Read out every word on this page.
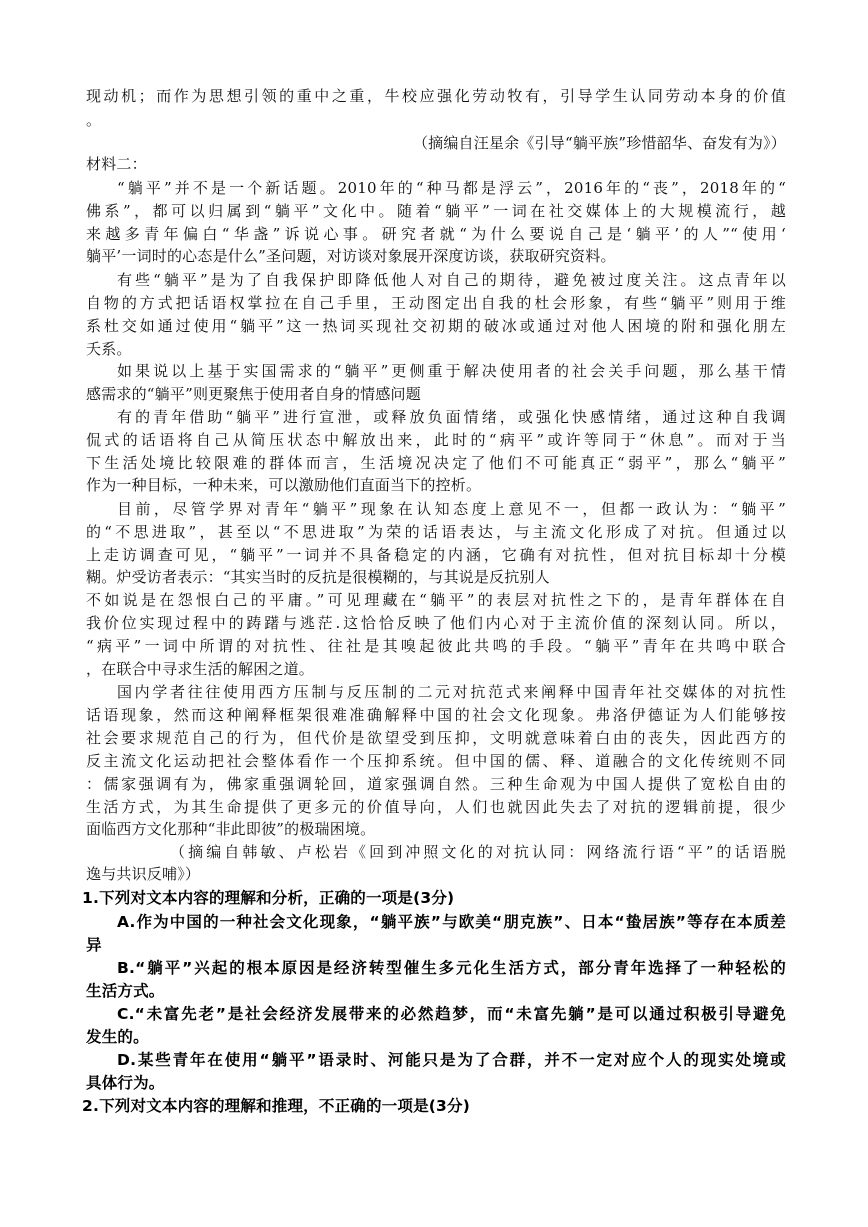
现动机；而作为思想引领的重中之重，牛校应强化劳动牧有，引导学生认同劳动本身的价值
。
（摘编自汪星余《引导“躺平族”珍惜韶华、奋发有为》）
材料二：
“躺平”并不是一个新话题。2010年的“种马都是浮云”，2016年的“丧”，2018年的“
佛系”，都可以归属到“躺平”文化中。随着“躺平”一词在社交媒体上的大规模流行，越
来越多青年偏白“华盏”诉说心事。研究者就“为什么要说自己是‘躺平’的人”“使用‘
躺平’一词时的心态是什么”圣问题，对访谈对象展开深度访谈，获取研究资料。
有些“躺平”是为了自我保护即降低他人对自己的期待，避免被过度关注。这点青年以
自物的方式把话语权掌拉在自己手里，王动图定出自我的杜会形象，有些“躺平”则用于维
系杜交如通过使用“躺平”这一热词买现社交初期的破冰或通过对他人困境的附和强化朋左
夭系。
如果说以上基于实国需求的“躺平”更侧重于解决使用者的社会关手问题，那么基干情
感需求的“躺平”则更聚焦于使用者自身的情感问题
有的青年借助“躺平”进行宣泄，或释放负面情绪，或强化快感情绪，通过这种自我调
侃式的话语将自己从简压状态中解放出来，此时的“病平”或许等同于“休息”。而对于当
下生活处境比较限难的群体而言，生活境况决定了他们不可能真正“弱平”，那么“躺平”
作为一种目标，一种未来，可以激励他们直面当下的控析。
目前，尽管学界对青年“躺平”现象在认知态度上意见不一，但都一政认为：“躺平”
的“不思进取”，甚至以“不思进取”为荣的话语表达，与主流文化形成了对抗。但通过以
上走访调查可见，“躺平”一词并不具备稳定的内涵，它确有对抗性，但对抗目标却十分模
糊。炉受访者表示：“其实当时的反抗是很模糊的，与其说是反抗别人
不如说是在怨恨白己的平庸。”可见理藏在“躺平”的表层对抗性之下的，是青年群体在自
我价位实现过程中的踌躇与逃茫.这恰恰反映了他们内心对于主流价值的深刻认同。所以，
“病平”一词中所谓的对抗性、往社是其嗅起彼此共鸣的手段。“躺平”青年在共鸣中联合
，在联合中寻求生活的解困之道。
国内学者往往使用西方压制与反压制的二元对抗范式来阐释中国青年社交媒体的对抗性
话语现象，然而这种阐释框架很难准确解释中国的社会文化现象。弗洛伊德证为人们能够按
社会要求规范自己的行为，但代价是欲望受到压抑，文明就意味着白由的丧失，因此西方的
反主流文化运动把社会整体看作一个压抑系统。但中国的儒、释、道融合的文化传统则不同
：儒家强调有为，佛家重强调轮回，道家强调自然。三种生命观为中国人提供了宽松自由的
生活方式，为其生命提供了更多元的价值导向，人们也就因此失去了对抗的逻辑前提，很少
面临西方文化那种“非此即彼”的极瑞困境。
（摘编自韩敏、卢松岩《回到冲照文化的对抗认同：网络流行语“平”的话语脱
逸与共识反哺》）
1.下列对文本内容的理解和分析，正确的一项是(3分)
A.作为中国的一种社会文化现象，“躺平族”与欧美“朋克族”、日本“蛰居族”等存在本质差
异
B.“躺平”兴起的根本原因是经济转型催生多元化生活方式，部分青年选择了一种轻松的
生活方式。
C.“未富先老”是社会经济发展带来的必然趋梦，而“未富先躺”是可以通过积极引导避免
发生的。
D.某些青年在使用“躺平”语录时、河能只是为了合群，并不一定对应个人的现实处境或
具体行为。
2.下列对文本内容的理解和推理，不正确的一项是(3分)
